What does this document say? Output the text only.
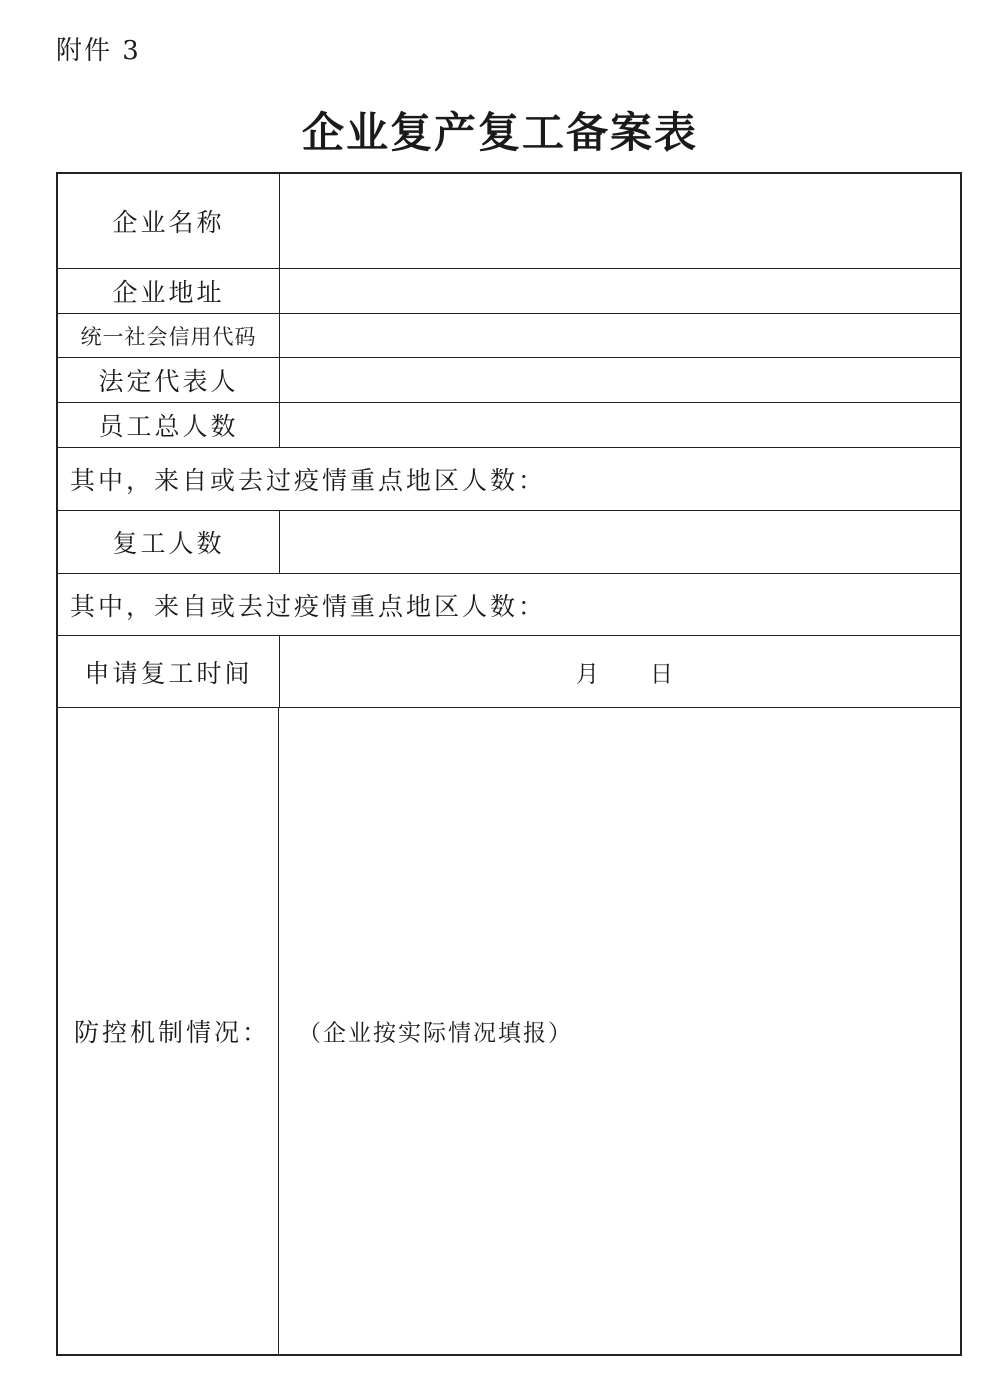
附件 3
企业复产复工备案表
企业名称
企业地址
统一社会信用代码
法定代表人
员工总人数
其中，来自或去过疫情重点地区人数：
复工人数
其中，来自或去过疫情重点地区人数：
申请复工时间	月 日
防控机制情况：	（企业按实际情况填报）
